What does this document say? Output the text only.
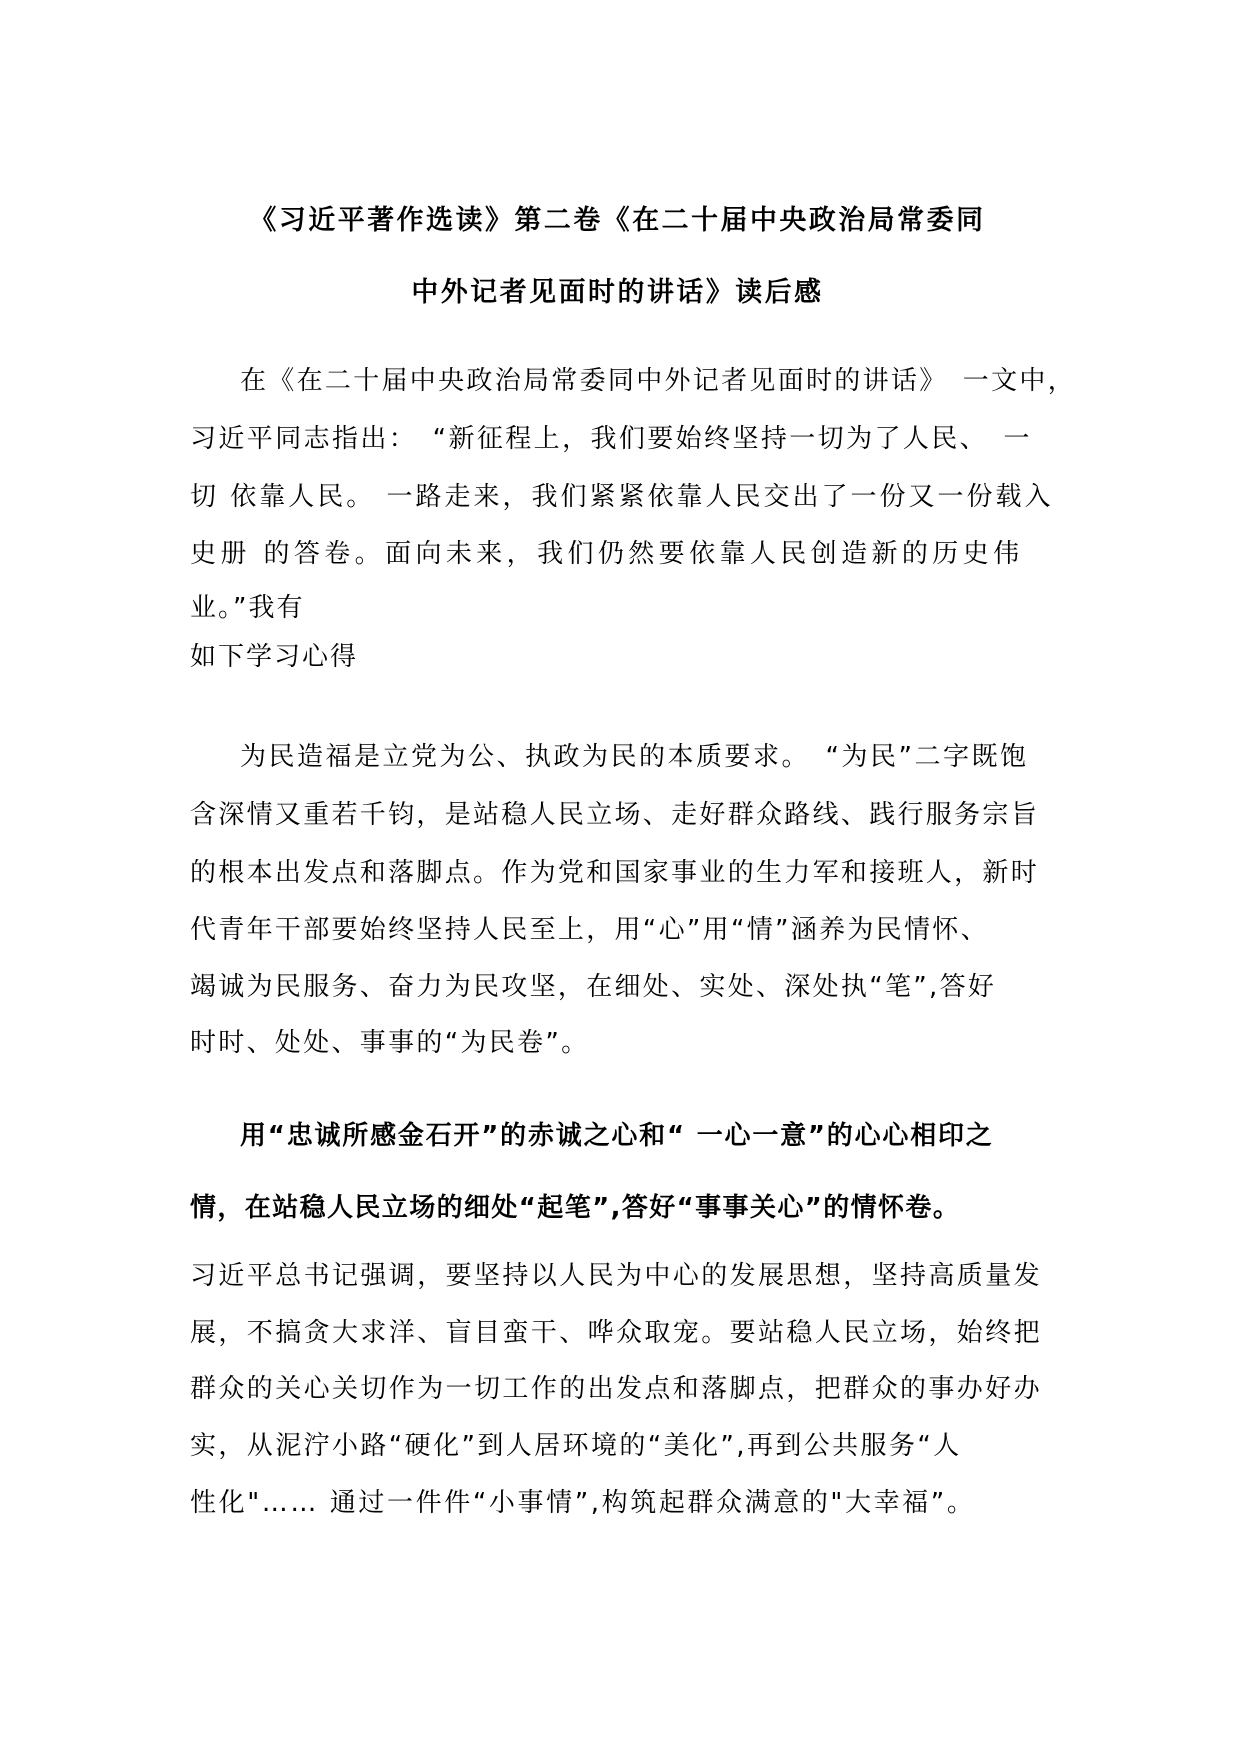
《习近平著作选读》第二卷《在二十届中央政治局常委同
中外记者见面时的讲话》读后感
在《在二十届中央政治局常委同中外记者见面时的讲话》　一文中，
习近平同志指出：　“新征程上，我们要始终坚持一切为了人民、　一
切 依靠人民。 一路走来，我们紧紧依靠人民交出了一份又一份载入
史册 的答卷。面向未来，我们仍然要依靠人民创造新的历史伟
业。”我有
如下学习心得
为民造福是立党为公、执政为民的本质要求。　“为民”二字既饱
含深情又重若千钧，是站稳人民立场、走好群众路线、践行服务宗旨
的根本出发点和落脚点。作为党和国家事业的生力军和接班人，新时
代青年干部要始终坚持人民至上，用“心”用“情”涵养为民情怀、
竭诚为民服务、奋力为民攻坚，在细处、实处、深处执“笔”,答好
时时、处处、事事的“为民卷”。
用“忠诚所感金石开”的赤诚之心和“ 一心一意”的心心相印之
情，在站稳人民立场的细处“起笔”,答好“事事关心”的情怀卷。
习近平总书记强调，要坚持以人民为中心的发展思想，坚持高质量发
展，不搞贪大求洋、盲目蛮干、哗众取宠。要站稳人民立场，始终把
群众的关心关切作为一切工作的出发点和落脚点，把群众的事办好办
实，从泥泞小路“硬化”到人居环境的“美化”,再到公共服务“人
性化"…… 通过一件件“小事情”,构筑起群众满意的"大幸福”。
